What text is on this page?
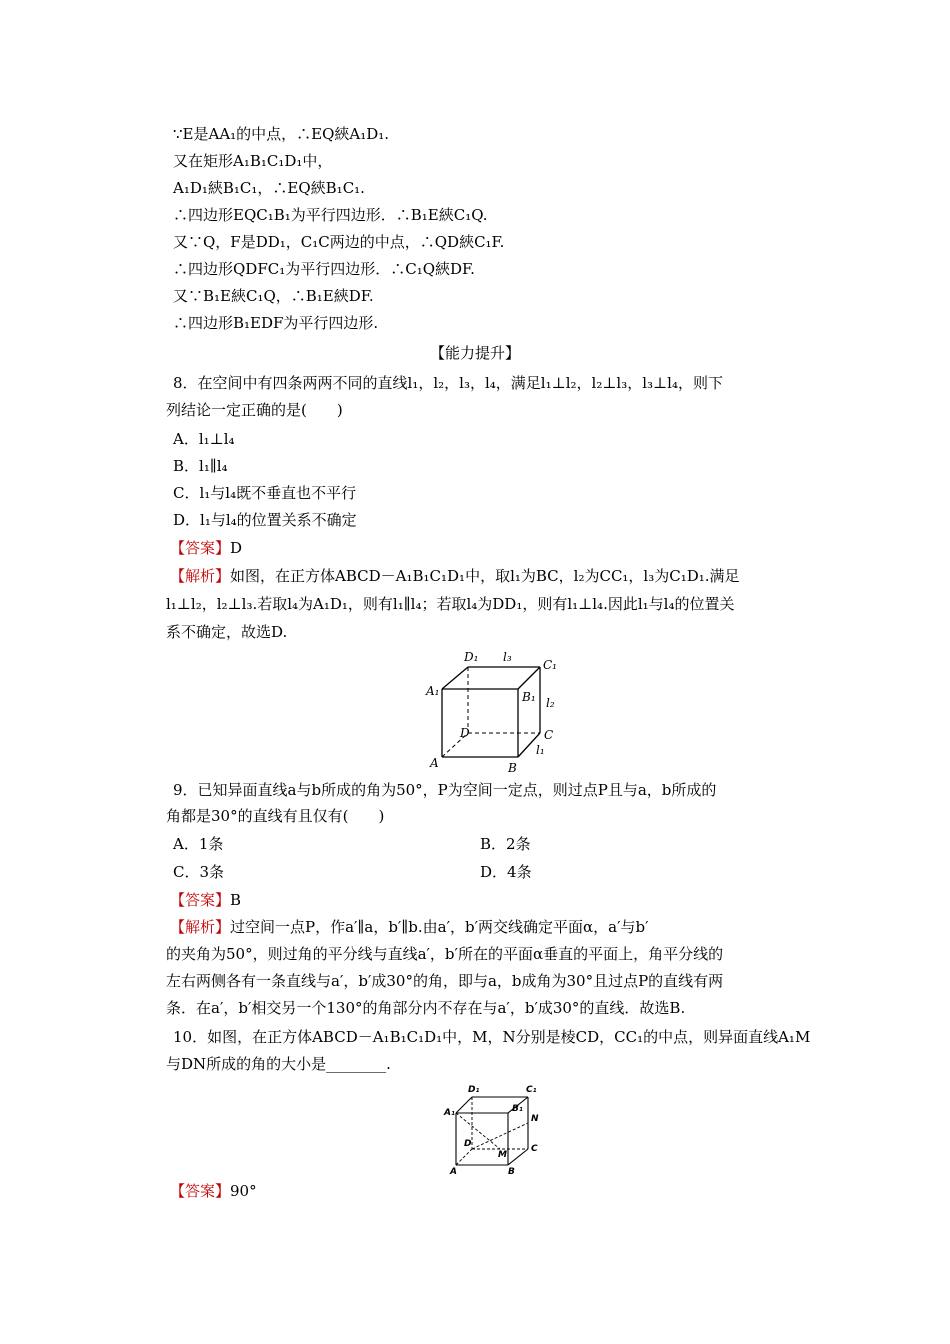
∵E是AA₁的中点，∴EQ綊A₁D₁.
又在矩形A₁B₁C₁D₁中，
A₁D₁綊B₁C₁，∴EQ綊B₁C₁.
∴四边形EQC₁B₁为平行四边形．∴B₁E綊C₁Q.
又∵Q，F是DD₁，C₁C两边的中点，∴QD綊C₁F.
∴四边形QDFC₁为平行四边形．∴C₁Q綊DF.
又∵B₁E綊C₁Q，∴B₁E綊DF.
∴四边形B₁EDF为平行四边形.
【能力提升】
8．在空间中有四条两两不同的直线l₁，l₂，l₃，l₄，满足l₁⊥l₂，l₂⊥l₃，l₃⊥l₄，则下
列结论一定正确的是(　　)
A．l₁⊥l₄
B．l₁∥l₄
C．l₁与l₄既不垂直也不平行
D．l₁与l₄的位置关系不确定
【答案】D
【解析】如图，在正方体ABCD－A₁B₁C₁D₁中，取l₁为BC，l₂为CC₁，l₃为C₁D₁.满足
l₁⊥l₂，l₂⊥l₃.若取l₄为A₁D₁，则有l₁∥l₄；若取l₄为DD₁，则有l₁⊥l₄.因此l₁与l₄的位置关
系不确定，故选D.
D₁ l₃
C₁
A₁	B₁ l₂
D	C
l₁
A	B
9．已知异面直线a与b所成的角为50°，P为空间一定点，则过点P且与a，b所成的
角都是30°的直线有且仅有(　　)
A．1条	B．2条
C．3条	D．4条
【答案】B
【解析】过空间一点P，作a′∥a，b′∥b.由a′，b′两交线确定平面α，a′与b′
的夹角为50°，则过角的平分线与直线a′，b′所在的平面α垂直的平面上，角平分线的
左右两侧各有一条直线与a′，b′成30°的角，即与a，b成角为30°且过点P的直线有两
条．在a′，b′相交另一个130°的角部分内不存在与a′，b′成30°的直线．故选B.
10．如图，在正方体ABCD－A₁B₁C₁D₁中，M，N分别是棱CD，CC₁的中点，则异面直线A₁M
与DN所成的角的大小是________.
D₁	C₁
A₁	B₁
N
D	C
M
A	B
【答案】90°
